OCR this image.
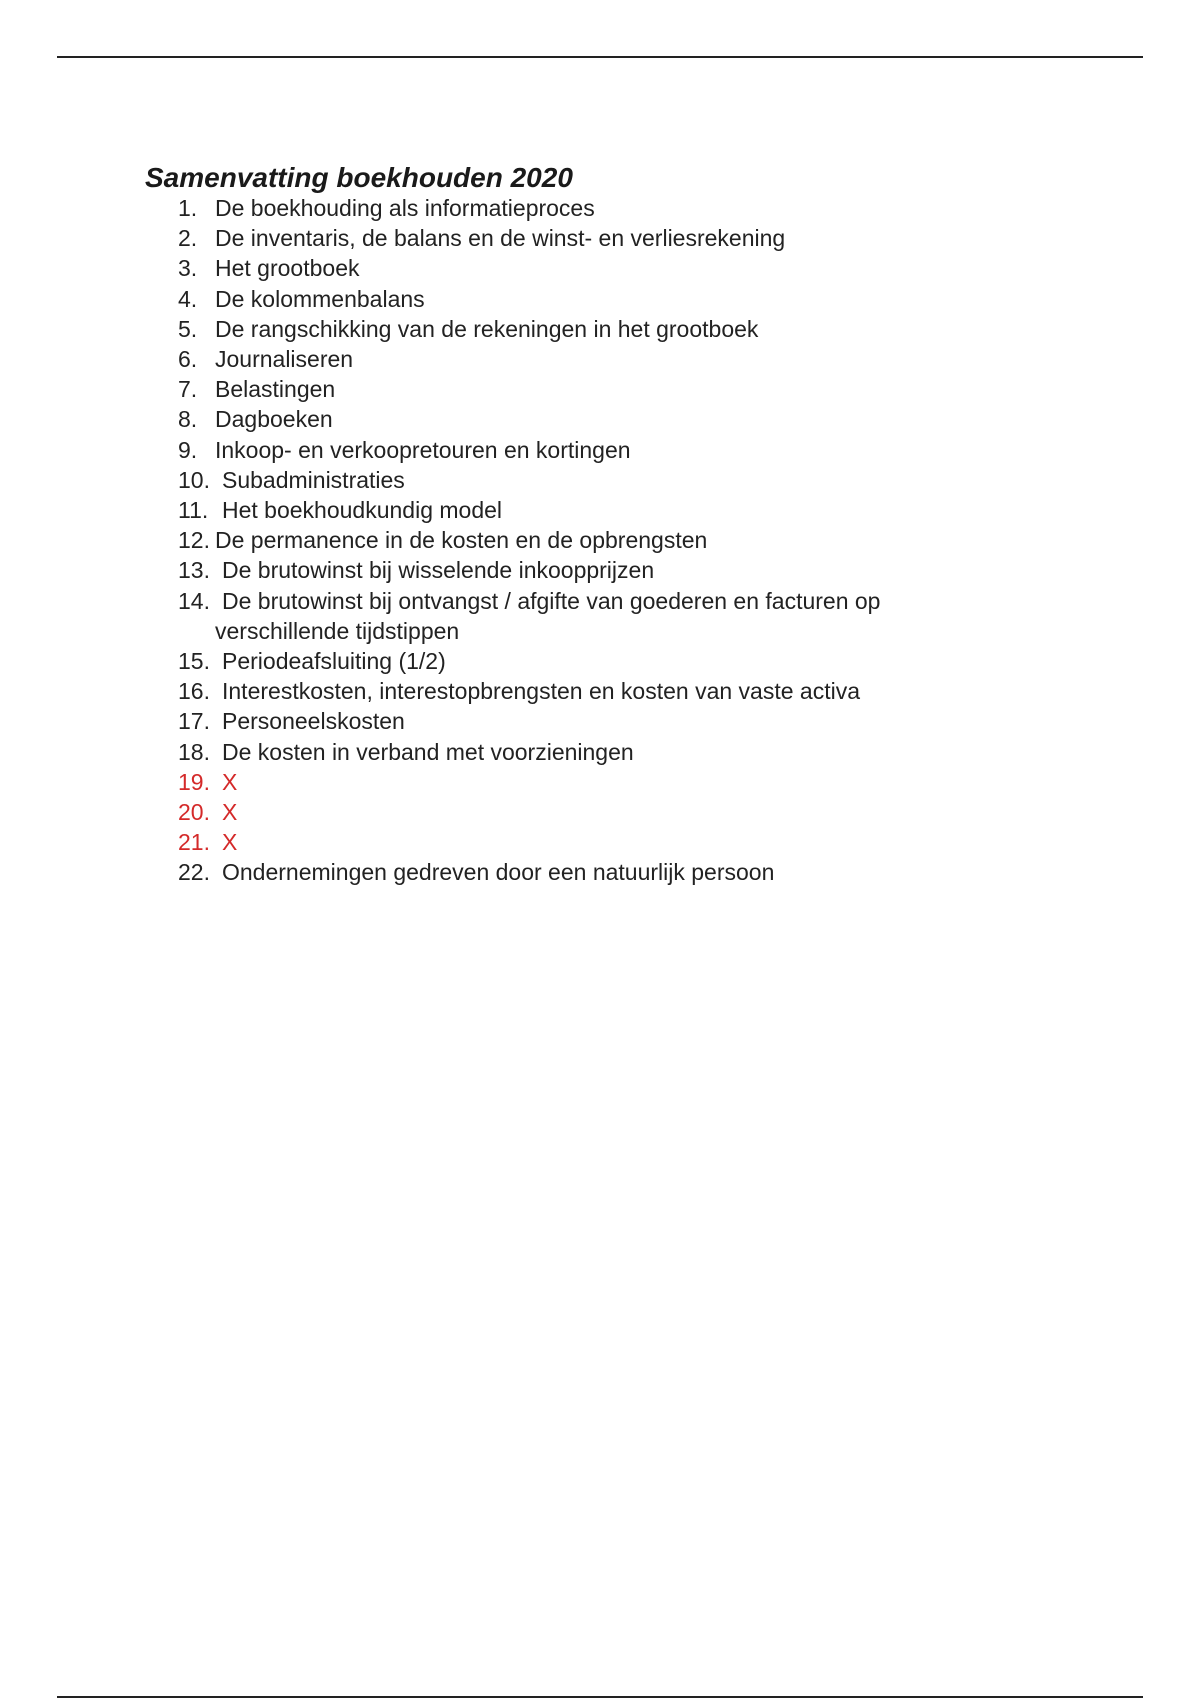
Samenvatting boekhouden 2020
1. De boekhouding als informatieproces
2. De inventaris, de balans en de winst- en verliesrekening
3. Het grootboek
4. De kolommenbalans
5. De rangschikking van de rekeningen in het grootboek
6. Journaliseren
7. Belastingen
8. Dagboeken
9. Inkoop- en verkoopretouren en kortingen
10. Subadministraties
11. Het boekhoudkundig model
12. De permanence in de kosten en de opbrengsten
13. De brutowinst bij wisselende inkoopprijzen
14. De brutowinst bij ontvangst / afgifte van goederen en facturen op verschillende tijdstippen
15. Periodeafsluiting (1/2)
16. Interestkosten, interestopbrengsten en kosten van vaste activa
17. Personeelskosten
18. De kosten in verband met voorzieningen
19. X
20. X
21. X
22. Ondernemingen gedreven door een natuurlijk persoon
